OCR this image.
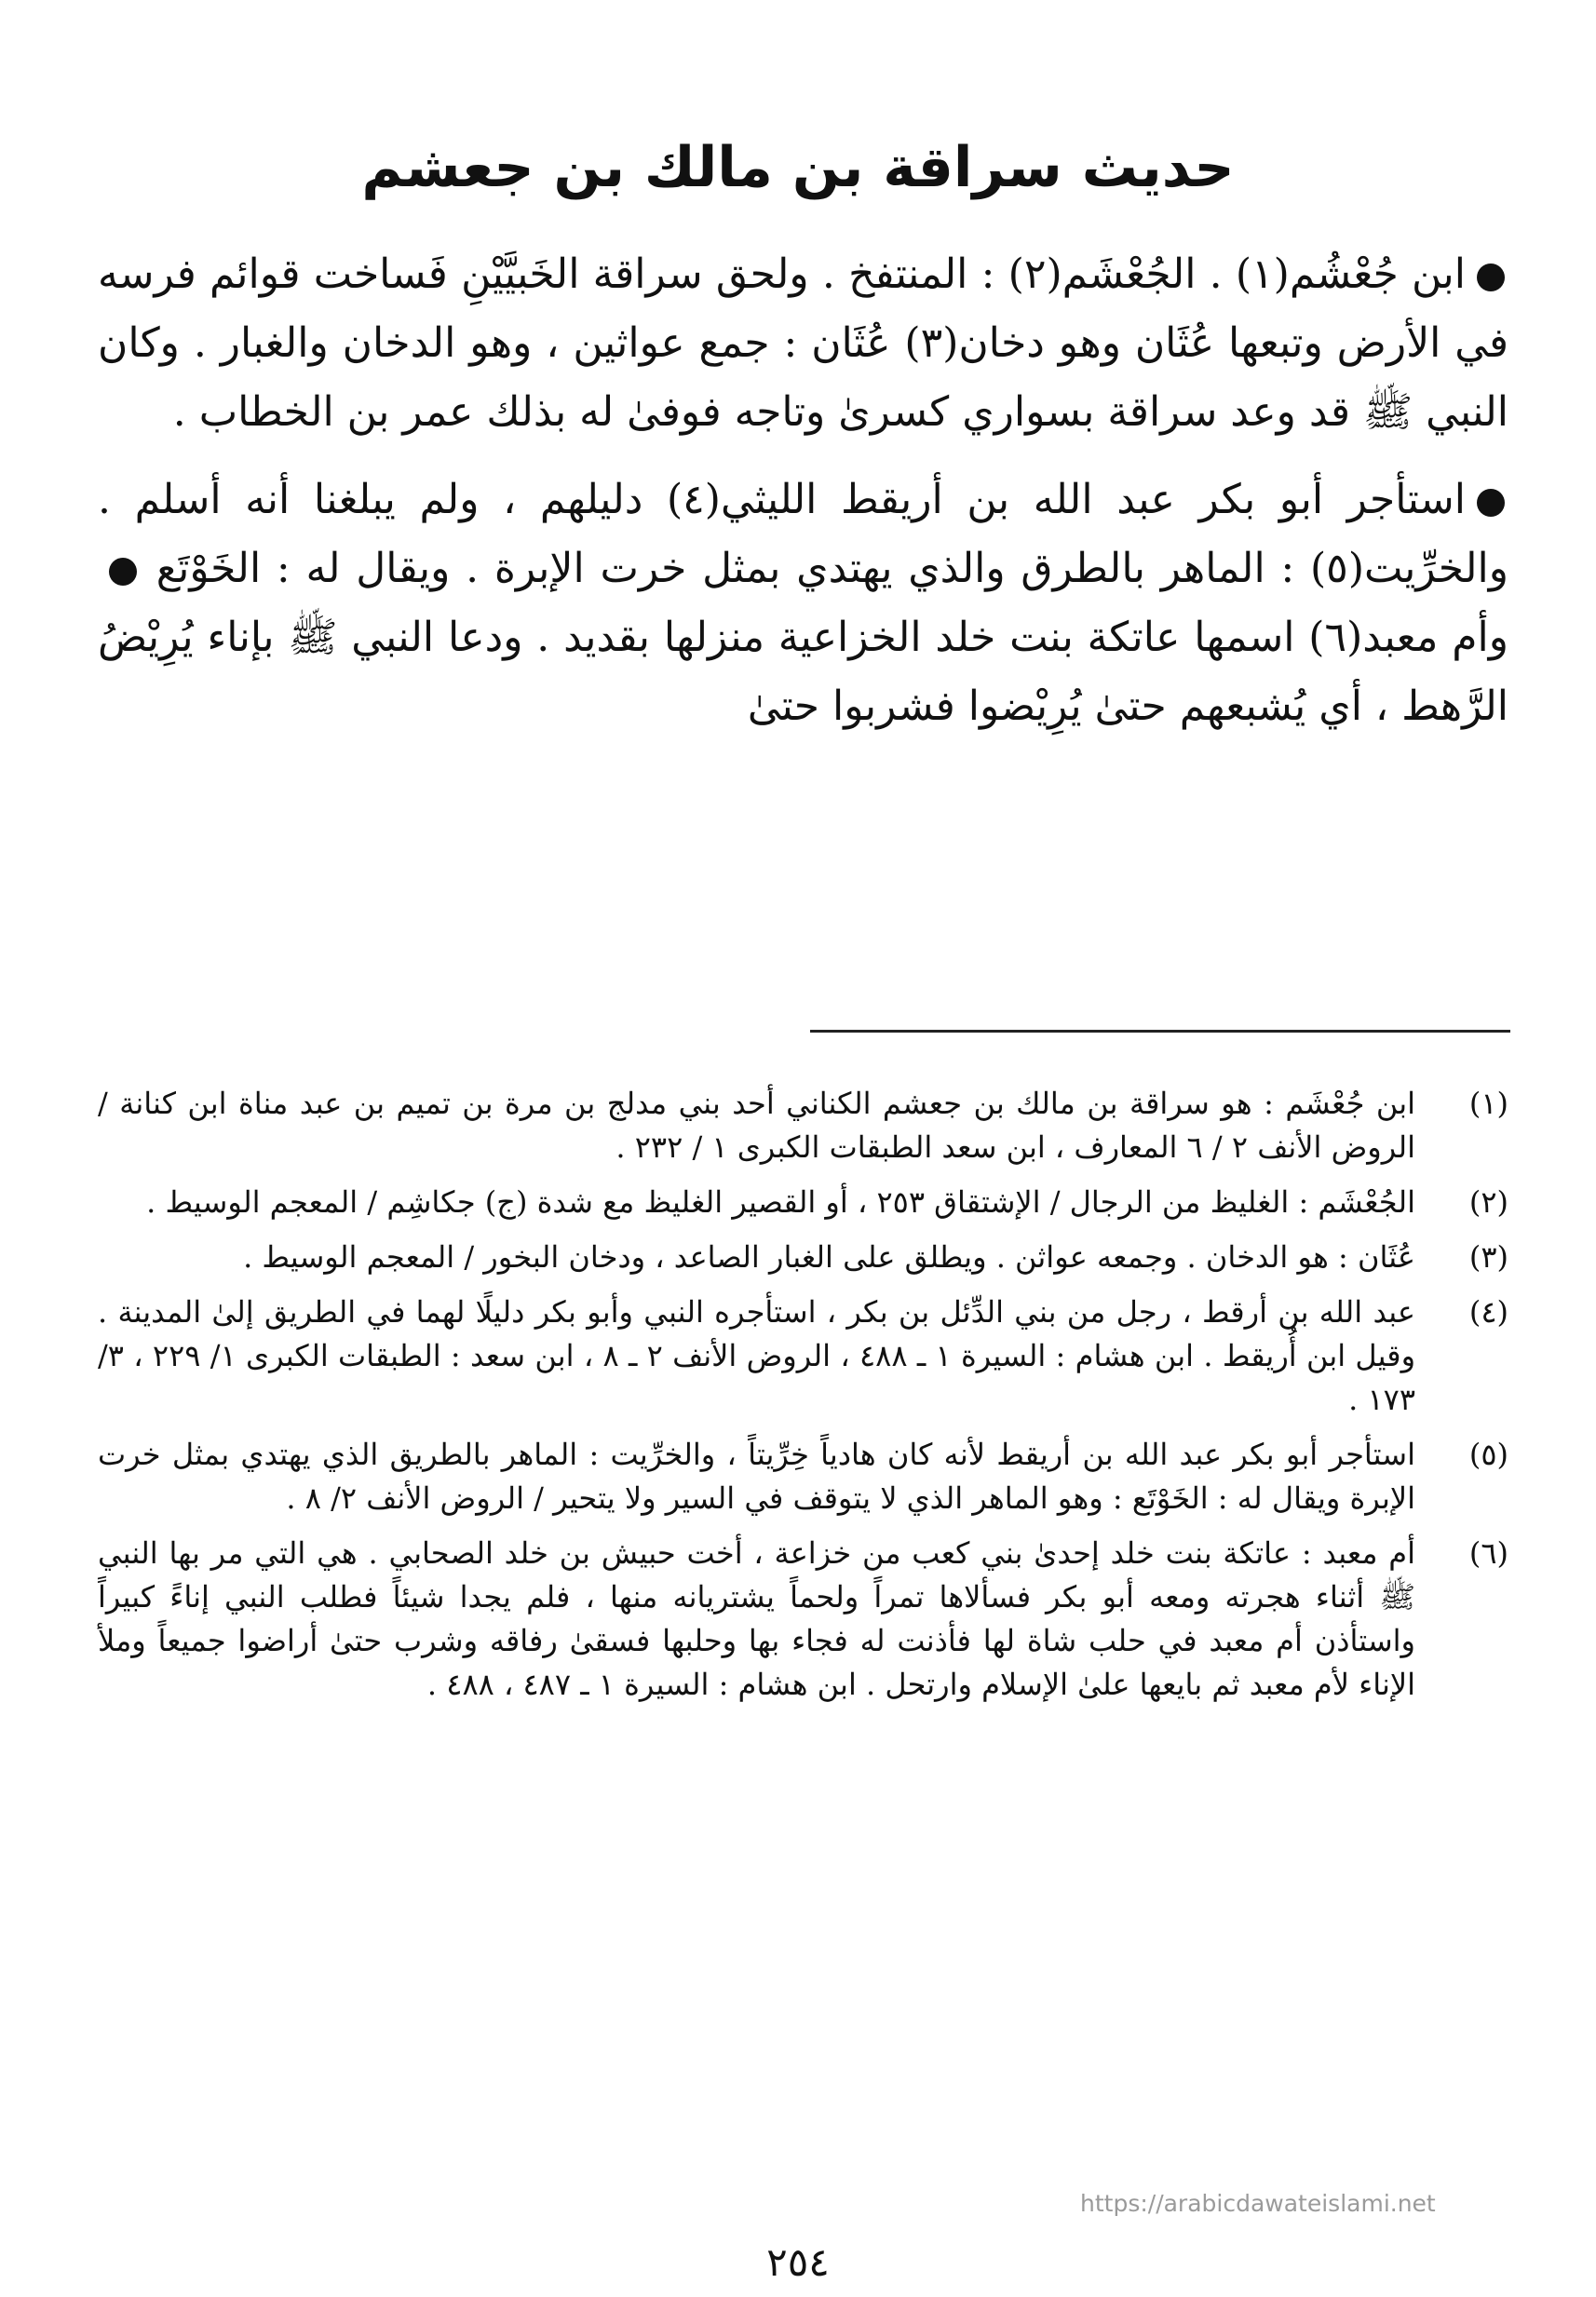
حديث سراقة بن مالك بن جعشم

ابن جُعْشُم(١) . الجُعْشَم(٢) : المنتفخ . ولحق سراقة الخَبيَّيْنِ فَساخت قوائم فرسه في الأرض وتبعها عُثَان وهو دخان(٣) عُثَان : جمع عواثين ، وهو الدخان والغبار . وكان النبي ﷺ قد وعد سراقة بسواري كسرىٰ وتاجه فوفىٰ له بذلك عمر بن الخطاب .

استأجر أبو بكر عبد الله بن أريقط الليثي(٤) دليلهم ، ولم يبلغنا أنه أسلم . والخرِّيت(٥) : الماهر بالطرق والذي يهتدي بمثل خرت الإبرة . ويقال له : الخَوْتَع وأم معبد(٦) اسمها عاتكة بنت خلد الخزاعية منزلها بقديد . ودعا النبي ﷺ بإناء يُرِيْضُ الرَّهط ، أي يُشبعهم حتىٰ يُرِيْضوا فشربوا حتىٰ

(١)
ابن جُعْشَم : هو سراقة بن مالك بن جعشم الكناني أحد بني مدلج بن مرة بن تميم بن عبد مناة ابن كنانة / الروض الأنف ٢ / ٦ المعارف ، ابن سعد الطبقات الكبرى ١ / ٢٣٢ .
(٢)
الجُعْشَم : الغليظ من الرجال / الإشتقاق ٢٥٣ ، أو القصير الغليظ مع شدة (ج) جكاشِم / المعجم الوسيط .
(٣)
عُثَان : هو الدخان . وجمعه عواثن . ويطلق على الغبار الصاعد ، ودخان البخور / المعجم الوسيط .
(٤)
عبد الله بن أرقط ، رجل من بني الدِّئل بن بكر ، استأجره النبي وأبو بكر دليلًا لهما في الطريق إلىٰ المدينة . وقيل ابن أُريقط . ابن هشام : السيرة ١ ـ ٤٨٨ ، الروض الأنف ٢ ـ ٨ ، ابن سعد : الطبقات الكبرى ١/ ٢٢٩ ، ٣/ ١٧٣ .
(٥)
استأجر أبو بكر عبد الله بن أريقط لأنه كان هادياً خِرِّيتاً ، والخرِّيت : الماهر بالطريق الذي يهتدي بمثل خرت الإبرة ويقال له : الخَوْتَع : وهو الماهر الذي لا يتوقف في السير ولا يتحير / الروض الأنف ٢/ ٨ .
(٦)
أم معبد : عاتكة بنت خلد إحدىٰ بني كعب من خزاعة ، أخت حبيش بن خلد الصحابي . هي التي مر بها النبي ﷺ أثناء هجرته ومعه أبو بكر فسألاها تمراً ولحماً يشتريانه منها ، فلم يجدا شيئاً فطلب النبي إناءً كبيراً واستأذن أم معبد في حلب شاة لها فأذنت له فجاء بها وحلبها فسقىٰ رفاقه وشرب حتىٰ أراضوا جميعاً وملأ الإناء لأم معبد ثم بايعها علىٰ الإسلام وارتحل . ابن هشام : السيرة ١ ـ ٤٨٧ ، ٤٨٨ .
https://arabicdawateislami.net
٢٥٤
